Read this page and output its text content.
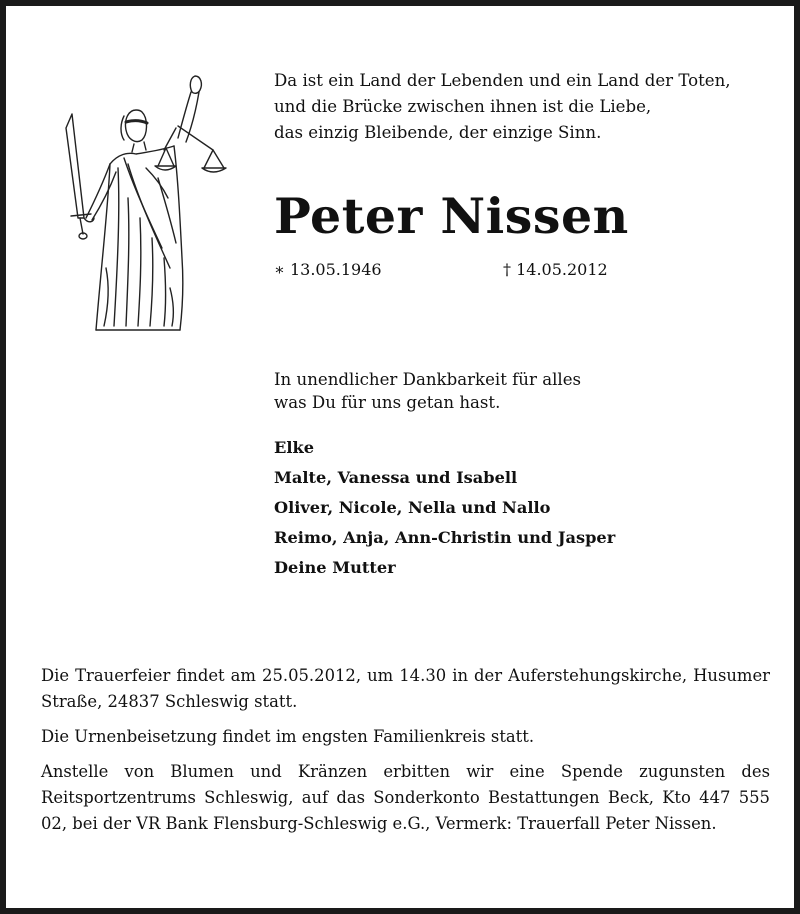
Da ist ein Land der Lebenden und ein Land der Toten,
und die Brücke zwischen ihnen ist die Liebe,
das einzig Bleibende, der einzige Sinn.
Peter Nissen
∗ 13.05.1946	† 14.05.2012
In unendlicher Dankbarkeit für alles
was Du für uns getan hast.
Elke
Malte, Vanessa und Isabell
Oliver, Nicole, Nella und Nallo
Reimo, Anja, Ann-Christin und Jasper
Deine Mutter

Die Trauerfeier findet am 25.05.2012, um 14.30 in der Auferstehungskirche, Husumer Straße, 24837 Schleswig statt.

Die Urnenbeisetzung findet im engsten Familienkreis statt.

Anstelle von Blumen und Kränzen erbitten wir eine Spende zugunsten des Reitsportzentrums Schleswig, auf das Sonderkonto Bestattungen Beck, Kto 447 555 02, bei der VR Bank Flensburg-Schleswig e.G., Vermerk: Trauerfall Peter Nissen.
